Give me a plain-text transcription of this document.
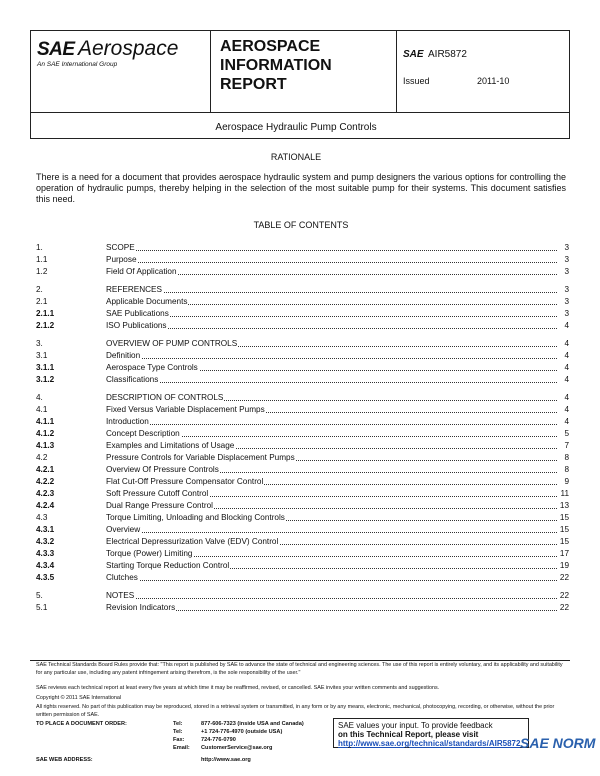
SAE Aerospace
An SAE International Group
AEROSPACE
INFORMATION
REPORT
SAE AIR5872
Issued	2011-10
Aerospace Hydraulic Pump Controls
RATIONALE
There is a need for a document that provides aerospace hydraulic system and pump designers the various options for controlling the operation of hydraulic pumps, thereby helping in the selection of the most suitable pump for their systems. This document satisfies this need.
TABLE OF CONTENTS
1.	SCOPE	3
1.1	Purpose	3
1.2	Field Of Application	3
2.	REFERENCES	3
2.1	Applicable Documents	3
2.1.1	SAE Publications	3
2.1.2	ISO Publications	4
3.	OVERVIEW OF PUMP CONTROLS	4
3.1	Definition	4
3.1.1	Aerospace Type Controls	4
3.1.2	Classifications	4
4.	DESCRIPTION OF CONTROLS	4
4.1	Fixed Versus Variable Displacement Pumps	4
4.1.1	Introduction	4
4.1.2	Concept Description	5
4.1.3	Examples and Limitations of Usage	7
4.2	Pressure Controls for Variable Displacement Pumps	8
4.2.1	Overview Of Pressure Controls	8
4.2.2	Flat Cut-Off Pressure Compensator Control	9
4.2.3	Soft Pressure Cutoff Control	11
4.2.4	Dual Range Pressure Control	13
4.3	Torque Limiting, Unloading and Blocking Controls	15
4.3.1	Overview	15
4.3.2	Electrical Depressurization Valve (EDV) Control	15
4.3.3	Torque (Power) Limiting	17
4.3.4	Starting Torque Reduction Control	19
4.3.5	Clutches	22
5.	NOTES	22
5.1	Revision Indicators	22
SAE Technical Standards Board Rules provide that: "This report is published by SAE to advance the state of technical and engineering sciences. The use of this report is entirely voluntary, and its applicability and suitability for any particular use, including any patent infringement arising therefrom, is the sole responsibility of the user."
SAE reviews each technical report at least every five years at which time it may be reaffirmed, revised, or cancelled. SAE invites your written comments and suggestions.
Copyright © 2011 SAE International
All rights reserved. No part of this publication may be reproduced, stored in a retrieval system or transmitted, in any form or by any means, electronic, mechanical, photocopying, recording, or otherwise, without the prior written permission of SAE.
TO PLACE A DOCUMENT ORDER:	Tel:	877-606-7323 (inside USA and Canada)
Tel:	+1 724-776-4970 (outside USA)
Fax:	724-776-0790
Email: CustomerService@sae.org
SAE WEB ADDRESS:	http://www.sae.org
SAE values your input. To provide feedback
on this Technical Report, please visit
http://www.sae.org/technical/standards/AIR5872 SAE NORM
